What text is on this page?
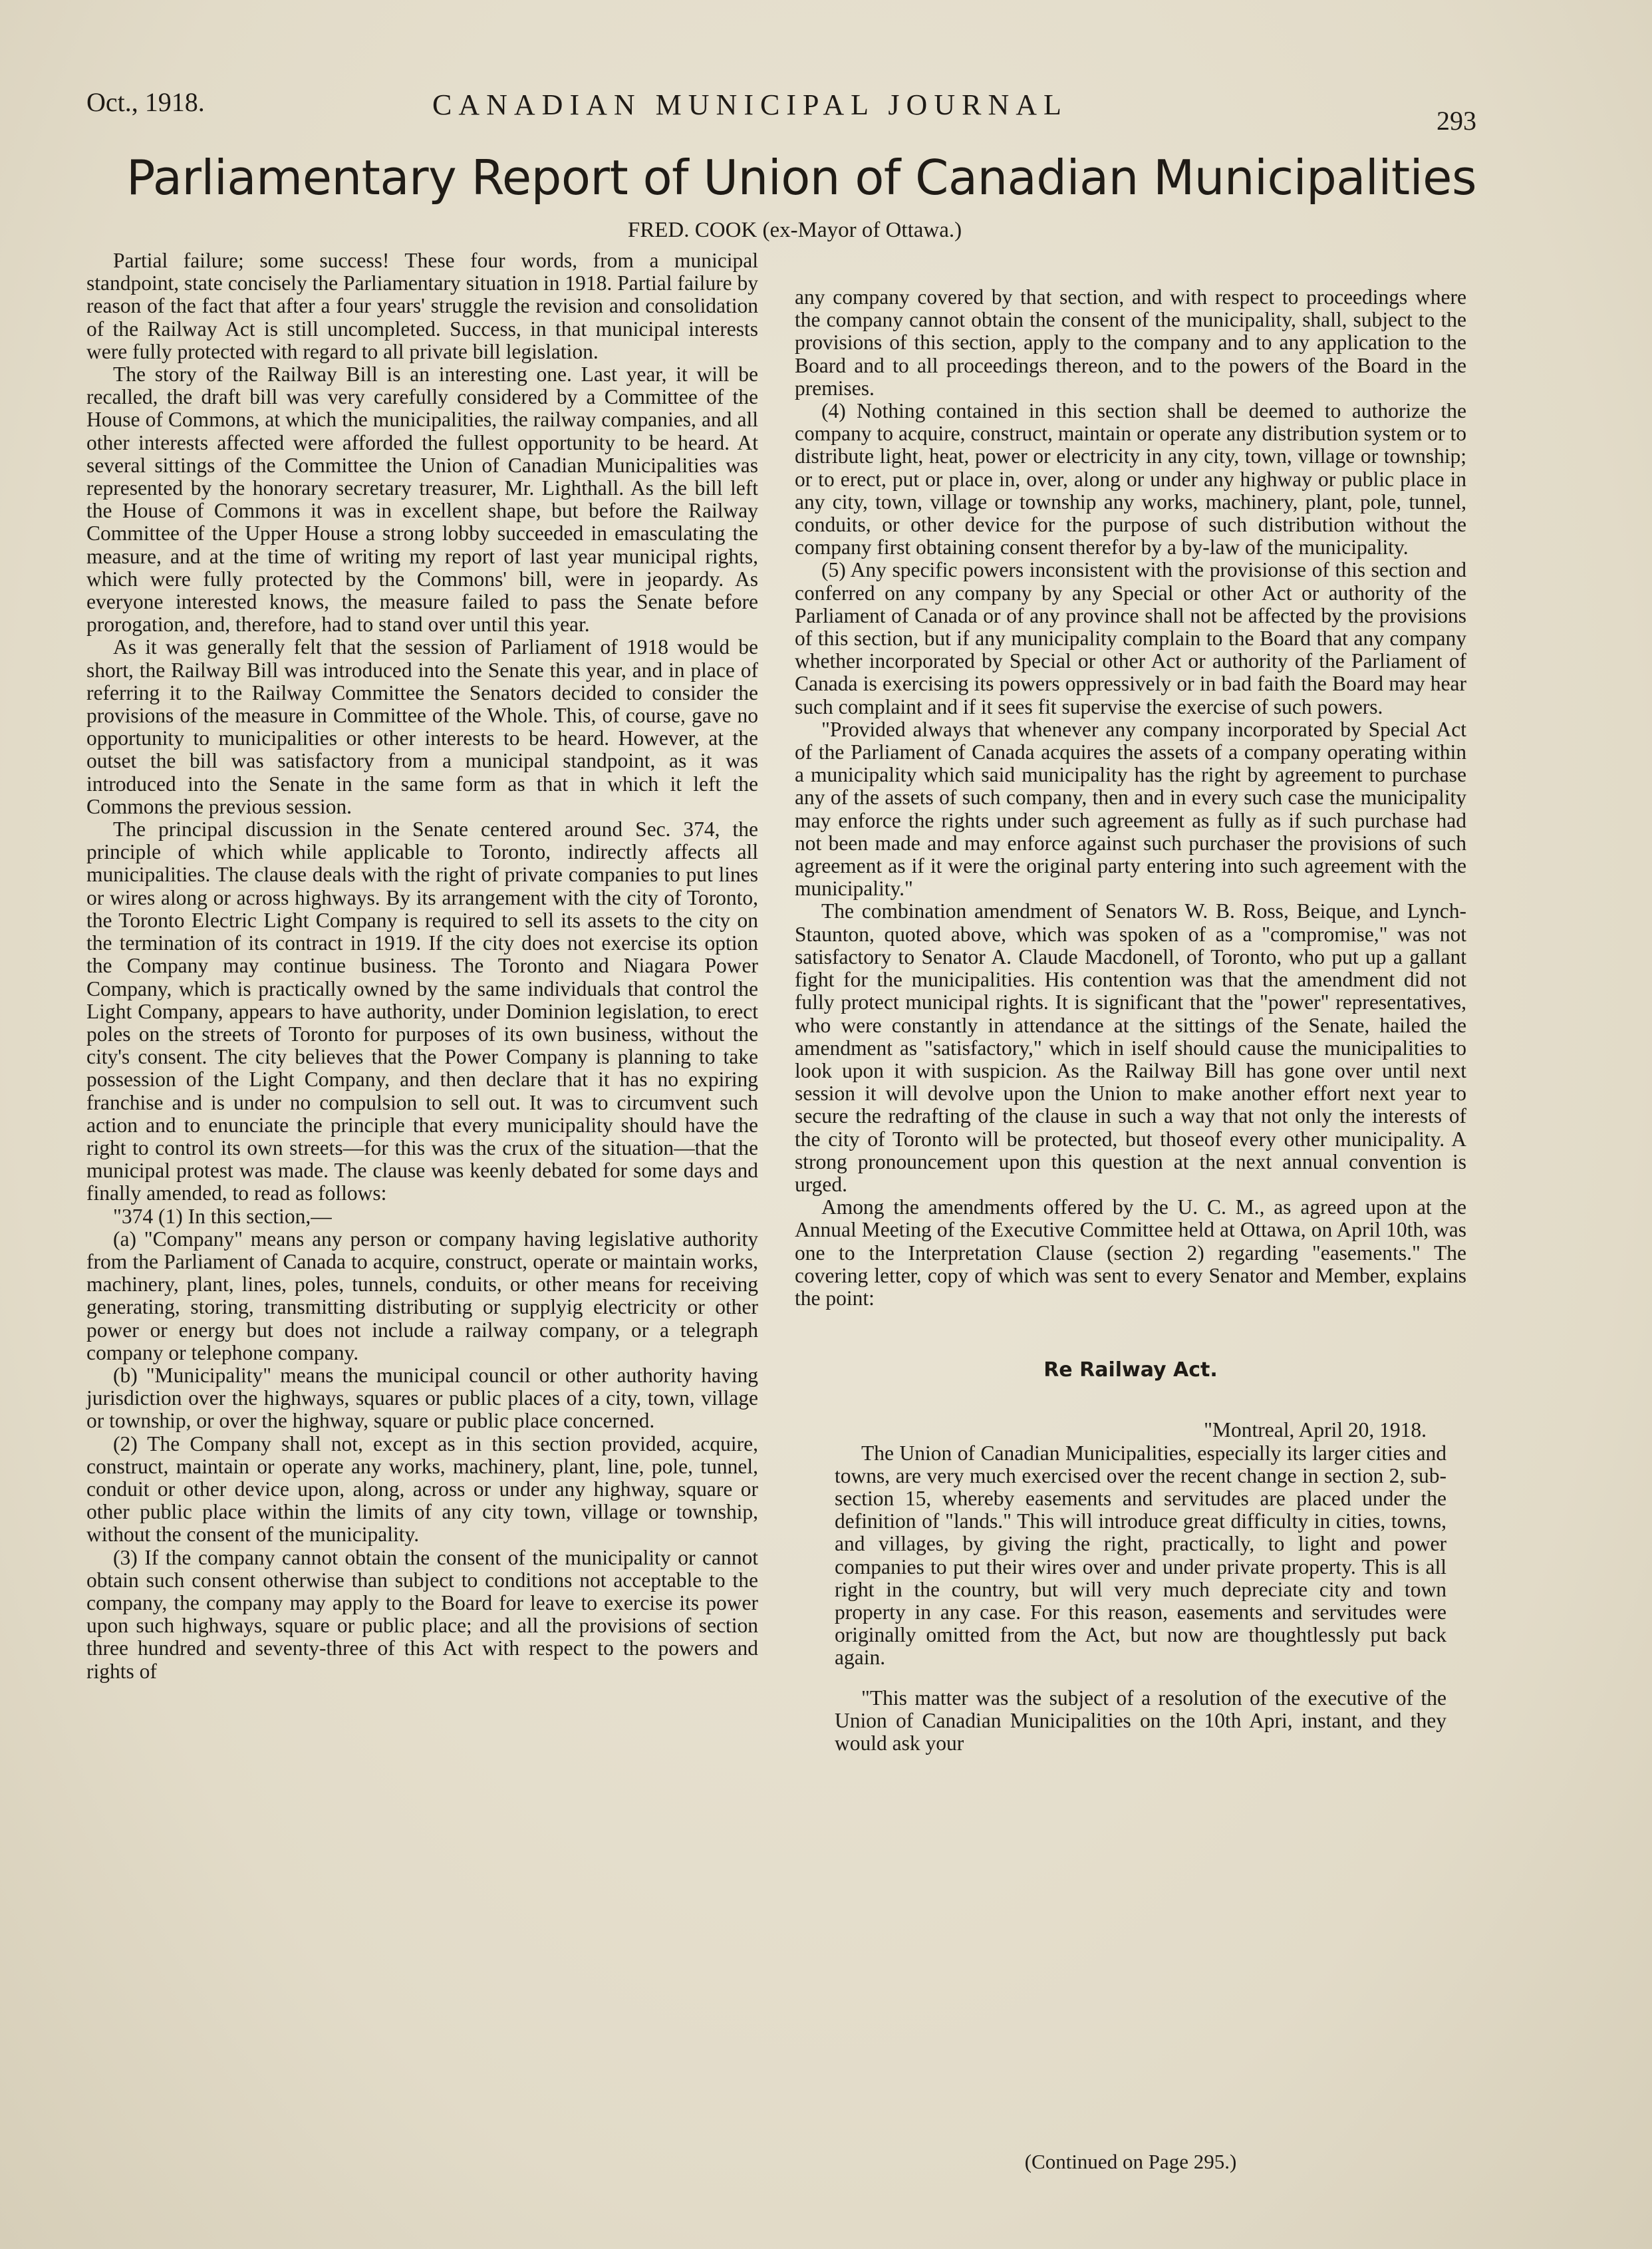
Oct., 1918.	CANADIAN MUNICIPAL JOURNAL	293
Parliamentary Report of Union of Canadian Municipalities
FRED. COOK (ex-Mayor of Ottawa.)

Partial failure; some success! These four words, from a municipal standpoint, state concisely the Parliamentary situation in 1918. Partial failure by reason of the fact that after a four years' struggle the revision and consolidation of the Railway Act is still uncompleted. Success, in that municipal interests were fully protected with regard to all private bill legislation.

The story of the Railway Bill is an interesting one. Last year, it will be recalled, the draft bill was very carefully considered by a Committee of the House of Commons, at which the municipalities, the railway companies, and all other interests affected were afforded the fullest opportunity to be heard. At several sittings of the Committee the Union of Canadian Municipalities was represented by the honorary secretary treasurer, Mr. Lighthall. As the bill left the House of Commons it was in excellent shape, but before the Railway Committee of the Upper House a strong lobby succeeded in emasculating the measure, and at the time of writing my report of last year municipal rights, which were fully protected by the Commons' bill, were in jeopardy. As everyone interested knows, the measure failed to pass the Senate before prorogation, and, therefore, had to stand over until this year.

As it was generally felt that the session of Parliament of 1918 would be short, the Railway Bill was introduced into the Senate this year, and in place of referring it to the Railway Committee the Senators decided to consider the provisions of the measure in Committee of the Whole. This, of course, gave no opportunity to municipalities or other interests to be heard. However, at the outset the bill was satisfactory from a municipal standpoint, as it was introduced into the Senate in the same form as that in which it left the Commons the previous session.

The principal discussion in the Senate centered around Sec. 374, the principle of which while applicable to Toronto, indirectly affects all municipalities. The clause deals with the right of private companies to put lines or wires along or across highways. By its arrangement with the city of Toronto, the Toronto Electric Light Company is required to sell its assets to the city on the termination of its contract in 1919. If the city does not exercise its option the Company may continue business. The Toronto and Niagara Power Company, which is practically owned by the same individuals that control the Light Company, appears to have authority, under Dominion legislation, to erect poles on the streets of Toronto for purposes of its own business, without the city's consent. The city believes that the Power Company is planning to take possession of the Light Company, and then declare that it has no expiring franchise and is under no compulsion to sell out. It was to circumvent such action and to enunciate the principle that every municipality should have the right to control its own streets—for this was the crux of the situation—that the municipal protest was made. The clause was keenly debated for some days and finally amended, to read as follows:

"374 (1) In this section,—

(a) "Company" means any person or company having legislative authority from the Parliament of Canada to acquire, construct, operate or maintain works, machinery, plant, lines, poles, tunnels, conduits, or other means for receiving generating, storing, transmitting distributing or supplyig electricity or other power or energy but does not include a railway company, or a telegraph company or telephone company.

(b) "Municipality" means the municipal council or other authority having jurisdiction over the highways, squares or public places of a city, town, village or township, or over the highway, square or public place concerned.

(2) The Company shall not, except as in this section provided, acquire, construct, maintain or operate any works, machinery, plant, line, pole, tunnel, conduit or other device upon, along, across or under any highway, square or other public place within the limits of any city town, village or township, without the consent of the municipality.

(3) If the company cannot obtain the consent of the municipality or cannot obtain such consent otherwise than subject to conditions not acceptable to the company, the company may apply to the Board for leave to exercise its power upon such highways, square or public place; and all the provisions of section three hundred and seventy-three of this Act with respect to the powers and rights of

any company covered by that section, and with respect to proceedings where the company cannot obtain the consent of the municipality, shall, subject to the provisions of this section, apply to the company and to any application to the Board and to all proceedings thereon, and to the powers of the Board in the premises.

(4) Nothing contained in this section shall be deemed to authorize the company to acquire, construct, maintain or operate any distribution system or to distribute light, heat, power or electricity in any city, town, village or township; or to erect, put or place in, over, along or under any highway or public place in any city, town, village or township any works, machinery, plant, pole, tunnel, conduits, or other device for the purpose of such distribution without the company first obtaining consent therefor by a by-law of the municipality.

(5) Any specific powers inconsistent with the provisionse of this section and conferred on any company by any Special or other Act or authority of the Parliament of Canada or of any province shall not be affected by the provisions of this section, but if any municipality complain to the Board that any company whether incorporated by Special or other Act or authority of the Parliament of Canada is exercising its powers oppressively or in bad faith the Board may hear such complaint and if it sees fit supervise the exercise of such powers.

"Provided always that whenever any company incorporated by Special Act of the Parliament of Canada acquires the assets of a company operating within a municipality which said municipality has the right by agreement to purchase any of the assets of such company, then and in every such case the municipality may enforce the rights under such agreement as fully as if such purchase had not been made and may enforce against such purchaser the provisions of such agreement as if it were the original party entering into such agreement with the municipality."

The combination amendment of Senators W. B. Ross, Beique, and Lynch-Staunton, quoted above, which was spoken of as a "compromise," was not satisfactory to Senator A. Claude Macdonell, of Toronto, who put up a gallant fight for the municipalities. His contention was that the amendment did not fully protect municipal rights. It is significant that the "power" representatives, who were constantly in attendance at the sittings of the Senate, hailed the amendment as "satisfactory," which in iself should cause the municipalities to look upon it with suspicion. As the Railway Bill has gone over until next session it will devolve upon the Union to make another effort next year to secure the redrafting of the clause in such a way that not only the interests of the city of Toronto will be protected, but thoseof every other municipality. A strong pronouncement upon this question at the next annual convention is urged.

Among the amendments offered by the U. C. M., as agreed upon at the Annual Meeting of the Executive Committee held at Ottawa, on April 10th, was one to the Interpretation Clause (section 2) regarding "easements." The covering letter, copy of which was sent to every Senator and Member, explains the point:

Re Railway Act.

"Montreal, April 20, 1918.

The Union of Canadian Municipalities, especially its larger cities and towns, are very much exercised over the recent change in section 2, sub-section 15, whereby easements and servitudes are placed under the definition of "lands." This will introduce great difficulty in cities, towns, and villages, by giving the right, practically, to light and power companies to put their wires over and under private property. This is all right in the country, but will very much depreciate city and town property in any case. For this reason, easements and servitudes were originally omitted from the Act, but now are thoughtlessly put back again.

"This matter was the subject of a resolution of the executive of the Union of Canadian Municipalities on the 10th Apri, instant, and they would ask your

(Continued on Page 295.)
